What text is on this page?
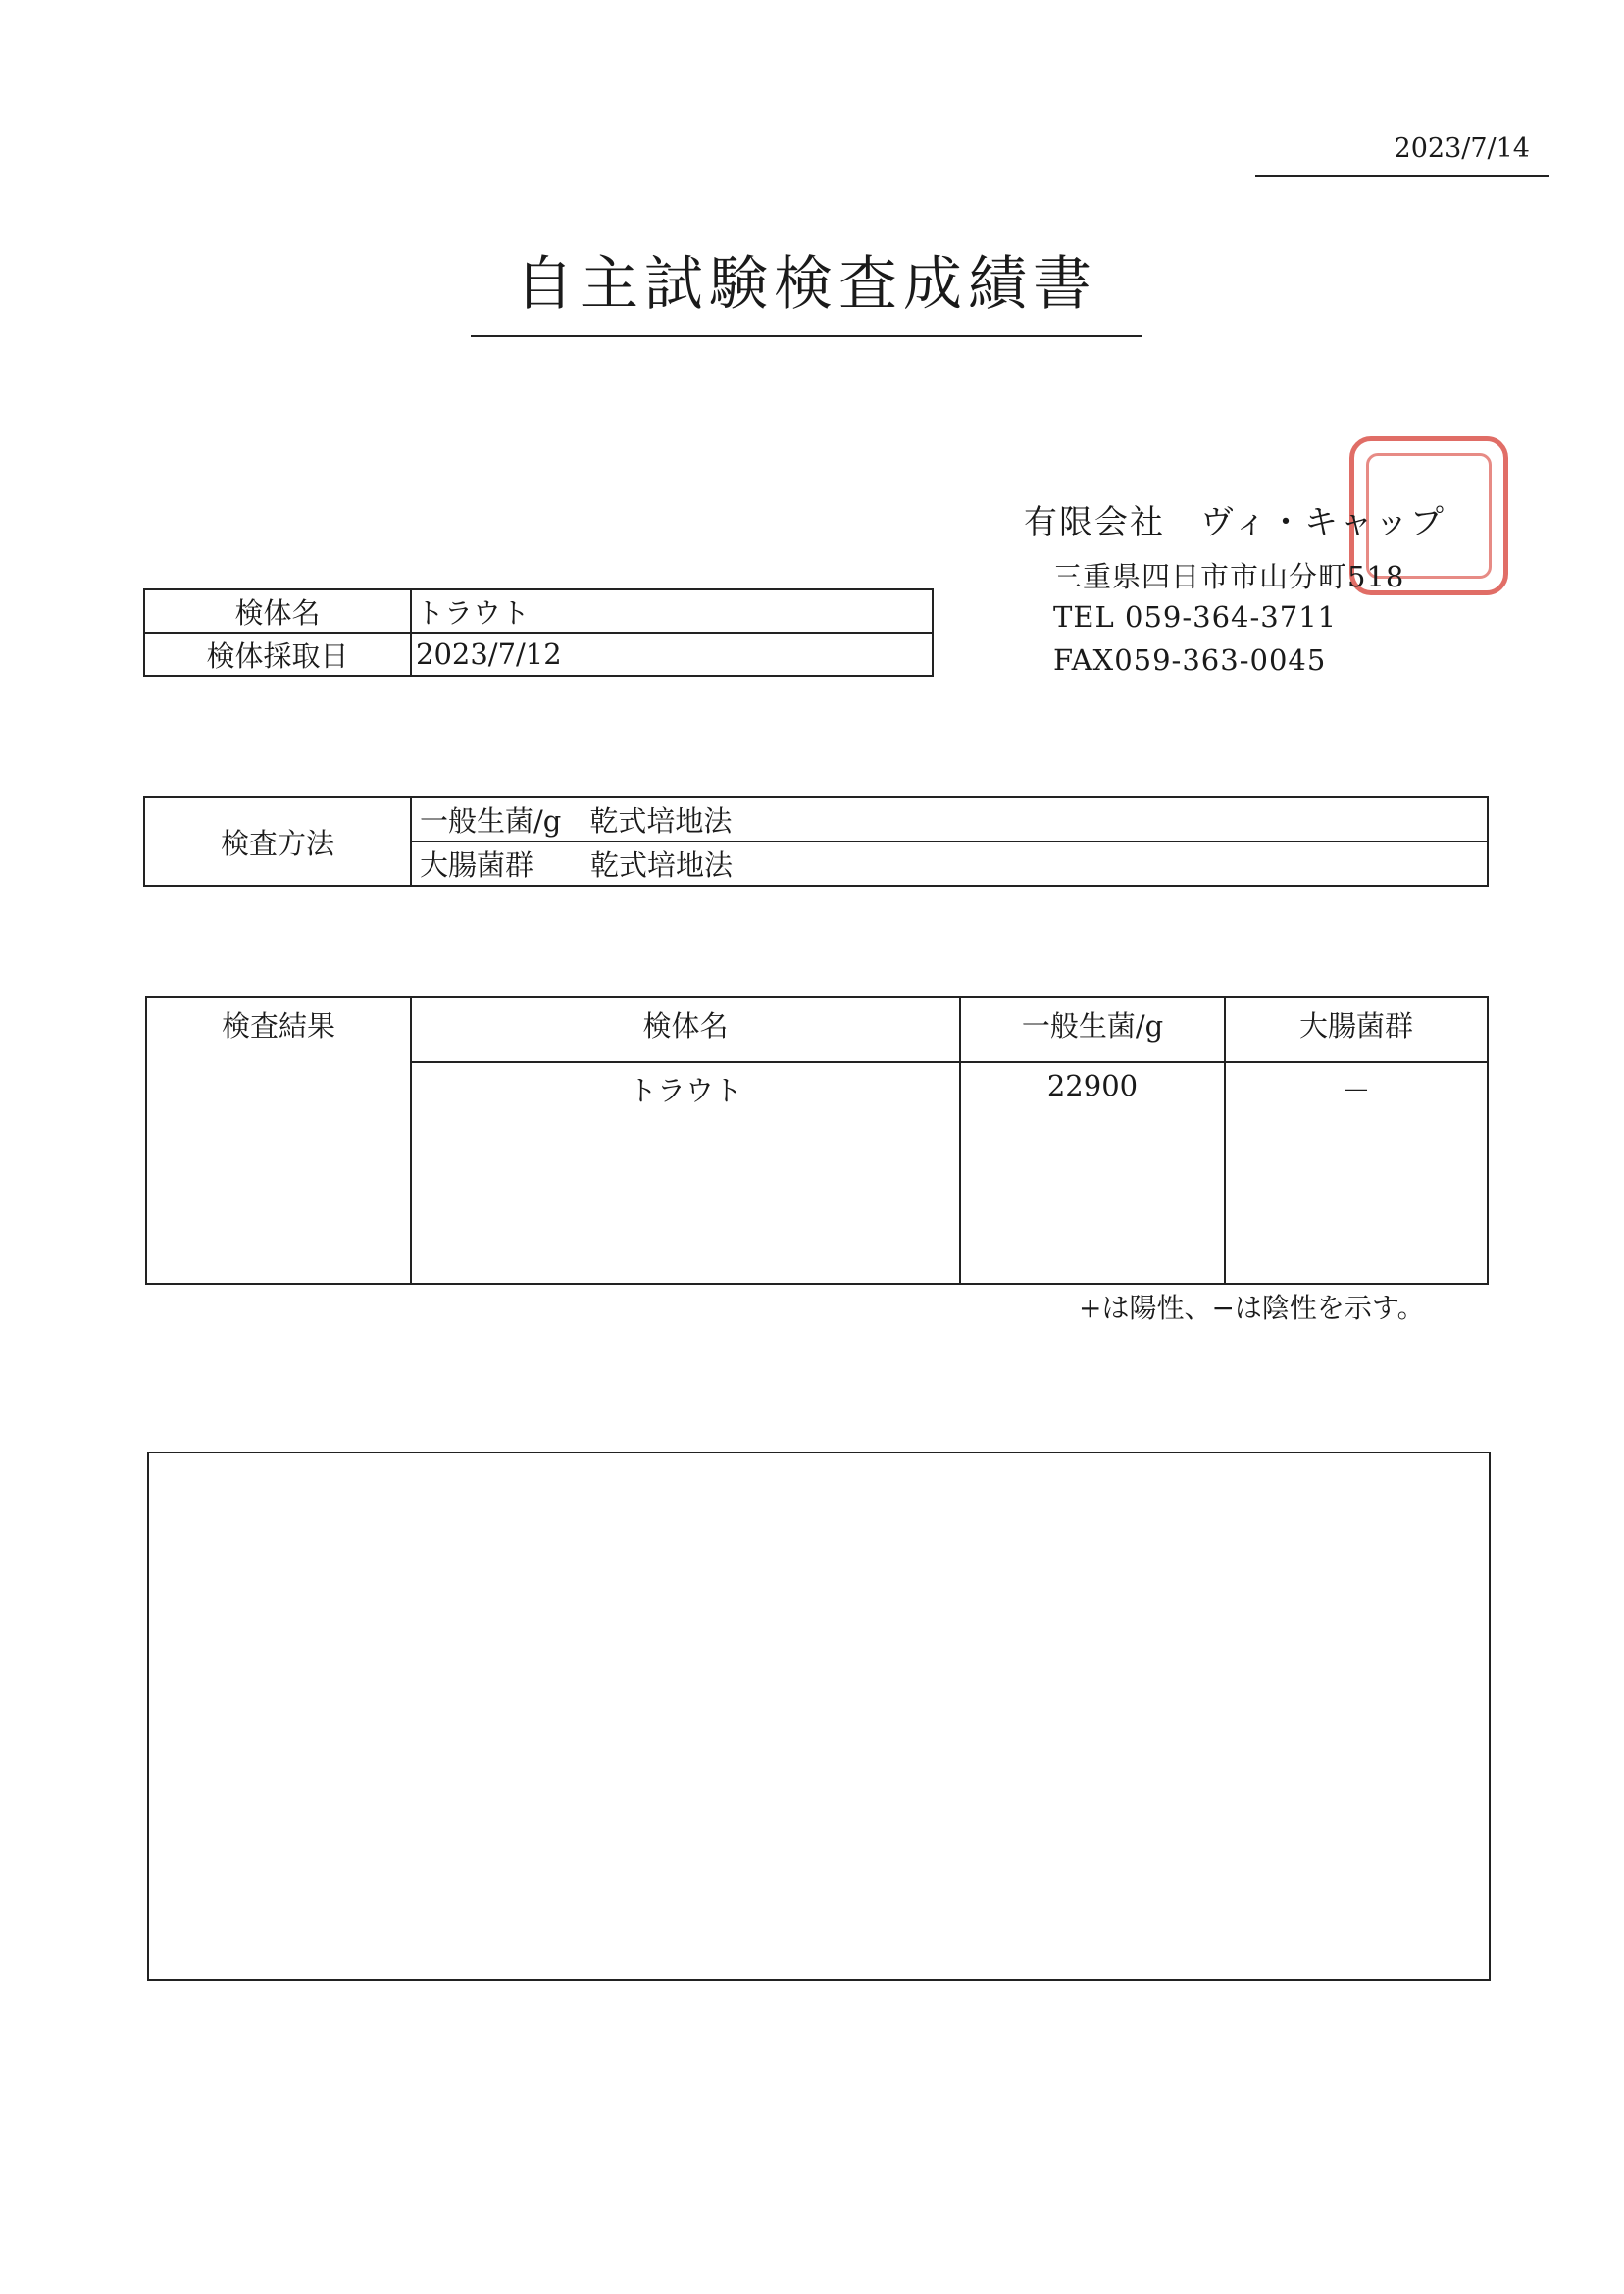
2023/7/14
自主試験検査成績書
有限会社　ヴィ・キャップ
三重県四日市市山分町518
TEL 059-364-3711
FAX059-363-0045
検体名	トラウト
検体採取日	2023/7/12
検査方法	一般生菌/g　乾式培地法
大腸菌群　　乾式培地法
検査結果	検体名	一般生菌/g	大腸菌群
	トラウト	22900	－
+は陽性、−は陰性を示す。
